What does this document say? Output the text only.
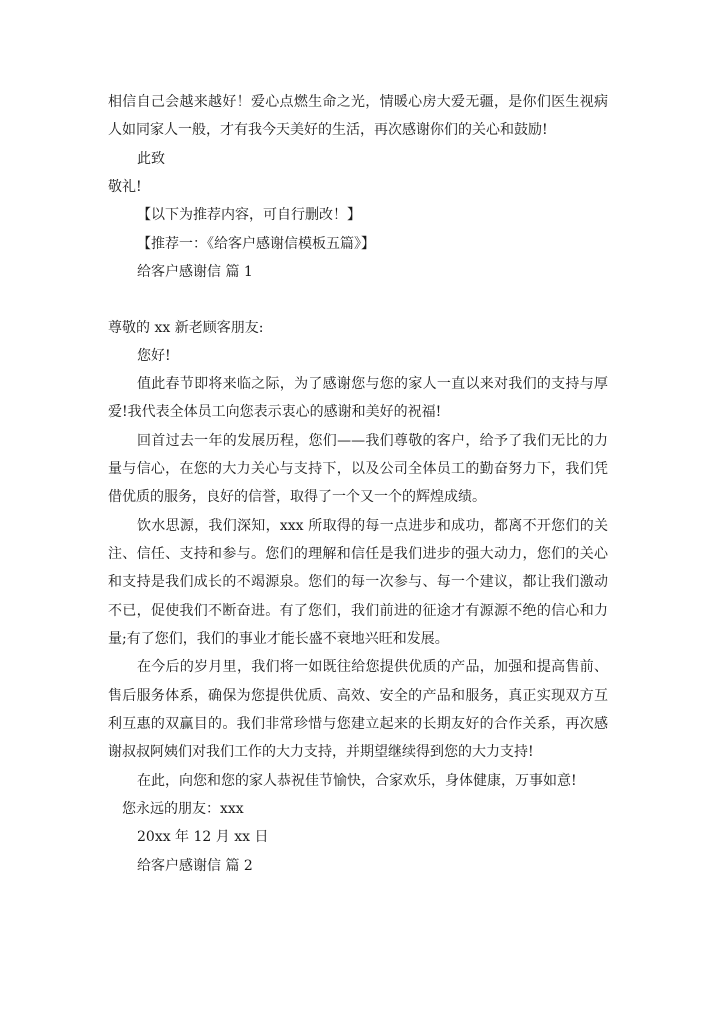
相信自己会越来越好！爱心点燃生命之光，情暖心房大爱无疆，是你们医生视病
人如同家人一般，才有我今天美好的生活，再次感谢你们的关心和鼓励!
此致
敬礼!
【以下为推荐内容，可自行删改！】
【推荐一：《给客户感谢信模板五篇》】
给客户感谢信 篇 1
尊敬的 xx 新老顾客朋友:
您好!
值此春节即将来临之际，为了感谢您与您的家人一直以来对我们的支持与厚
爱!我代表全体员工向您表示衷心的感谢和美好的祝福!
回首过去一年的发展历程，您们——我们尊敬的客户，给予了我们无比的力
量与信心，在您的大力关心与支持下，以及公司全体员工的勤奋努力下，我们凭
借优质的服务，良好的信誉，取得了一个又一个的辉煌成绩。
饮水思源，我们深知，xxx 所取得的每一点进步和成功，都离不开您们的关
注、信任、支持和参与。您们的理解和信任是我们进步的强大动力，您们的关心
和支持是我们成长的不竭源泉。您们的每一次参与、每一个建议，都让我们激动
不已，促使我们不断奋进。有了您们，我们前进的征途才有源源不绝的信心和力
量;有了您们，我们的事业才能长盛不衰地兴旺和发展。
在今后的岁月里，我们将一如既往给您提供优质的产品，加强和提高售前、
售后服务体系，确保为您提供优质、高效、安全的产品和服务，真正实现双方互
利互惠的双赢目的。我们非常珍惜与您建立起来的长期友好的合作关系，再次感
谢叔叔阿姨们对我们工作的大力支持，并期望继续得到您的大力支持!
在此，向您和您的家人恭祝佳节愉快，合家欢乐，身体健康，万事如意!
您永远的朋友：xxx
20xx 年 12 月 xx 日
给客户感谢信 篇 2
